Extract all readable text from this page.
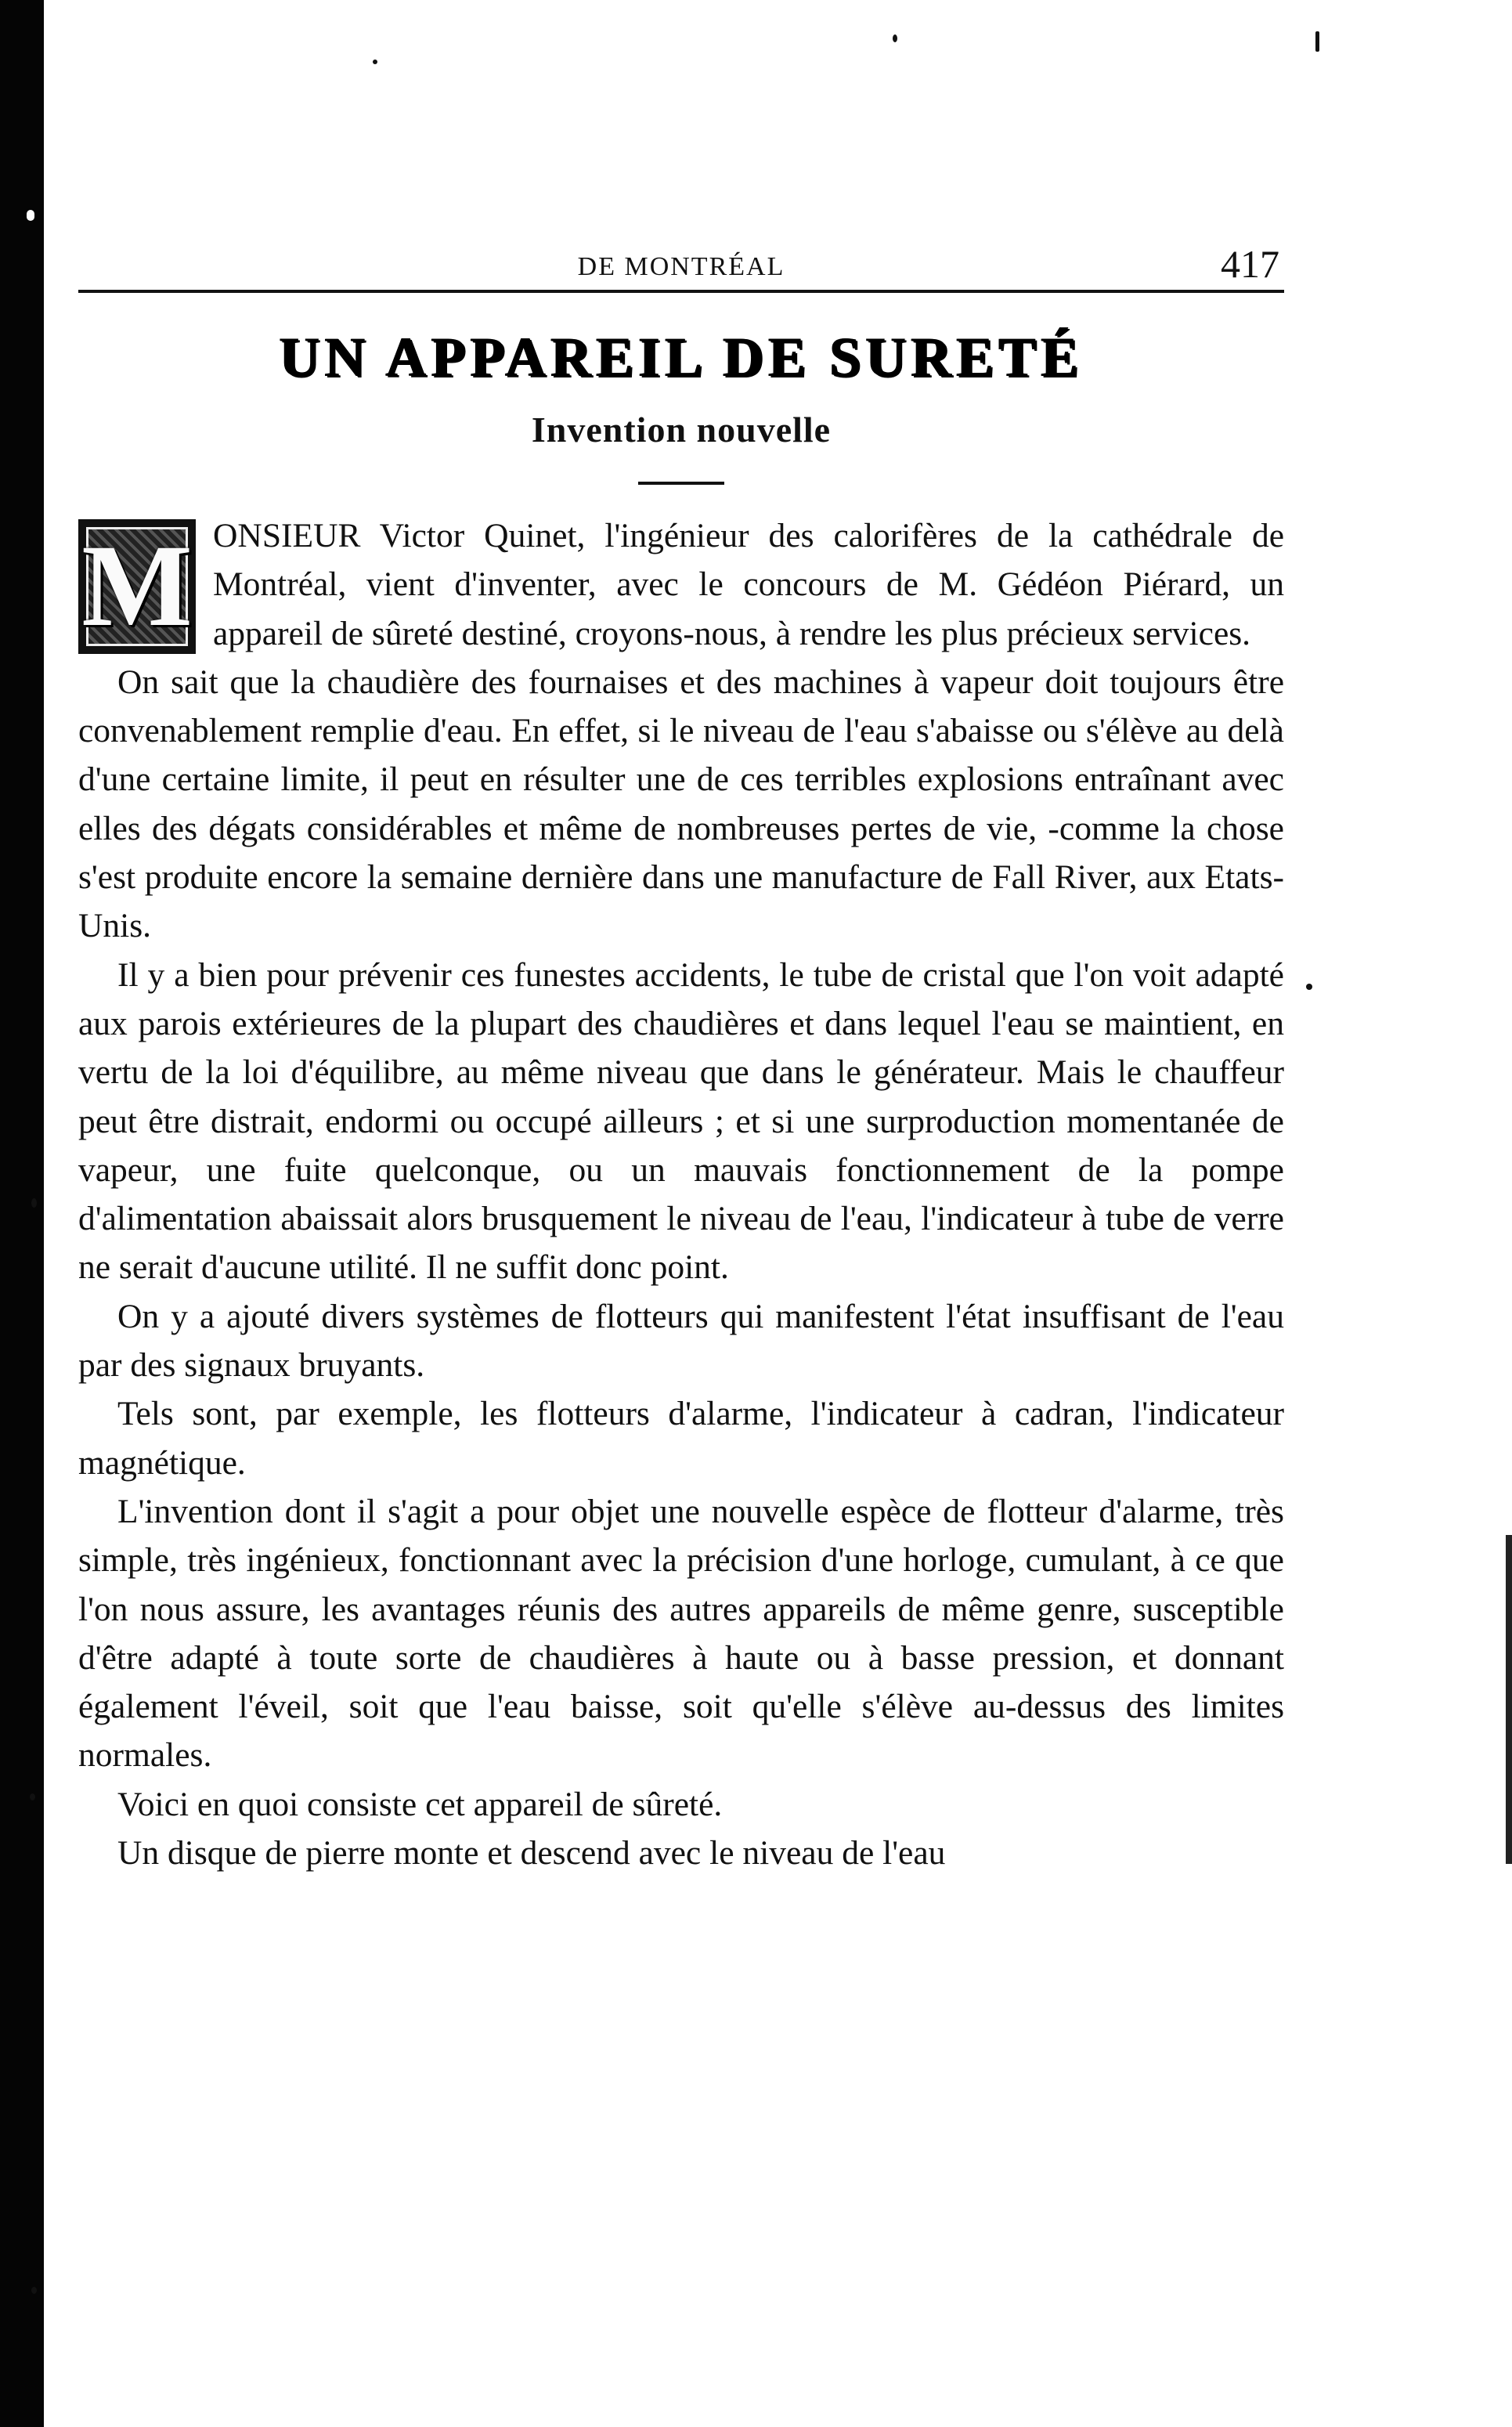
DE MONTRÉAL	417
UN APPAREIL DE SURETÉ
Invention nouvelle

M ONSIEUR Victor Quinet, l'ingénieur des calorifères de la cathédrale de Montréal, vient d'inventer, avec le concours de M. Gédéon Piérard, un appareil de sûreté destiné, croyons-nous, à rendre les plus précieux services.

On sait que la chaudière des fournaises et des machines à vapeur doit toujours être convenablement remplie d'eau. En effet, si le niveau de l'eau s'abaisse ou s'élève au delà d'une certaine limite, il peut en résulter une de ces terribles explosions entraînant avec elles des dégats considérables et même de nombreuses pertes de vie, -comme la chose s'est produite encore la semaine dernière dans une manufacture de Fall River, aux Etats-Unis.

Il y a bien pour prévenir ces funestes accidents, le tube de cristal que l'on voit adapté aux parois extérieures de la plupart des chaudières et dans lequel l'eau se maintient, en vertu de la loi d'équilibre, au même niveau que dans le générateur. Mais le chauffeur peut être distrait, endormi ou occupé ailleurs ; et si une surproduction momentanée de vapeur, une fuite quelconque, ou un mauvais fonctionnement de la pompe d'alimentation abaissait alors brusquement le niveau de l'eau, l'indicateur à tube de verre ne serait d'aucune utilité. Il ne suffit donc point.

On y a ajouté divers systèmes de flotteurs qui manifestent l'état insuffisant de l'eau par des signaux bruyants.

Tels sont, par exemple, les flotteurs d'alarme, l'indicateur à cadran, l'indicateur magnétique.

L'invention dont il s'agit a pour objet une nouvelle espèce de flotteur d'alarme, très simple, très ingénieux, fonctionnant avec la précision d'une horloge, cumulant, à ce que l'on nous assure, les avantages réunis des autres appareils de même genre, susceptible d'être adapté à toute sorte de chaudières à haute ou à basse pression, et donnant également l'éveil, soit que l'eau baisse, soit qu'elle s'élève au-dessus des limites normales.

Voici en quoi consiste cet appareil de sûreté.

Un disque de pierre monte et descend avec le niveau de l'eau
